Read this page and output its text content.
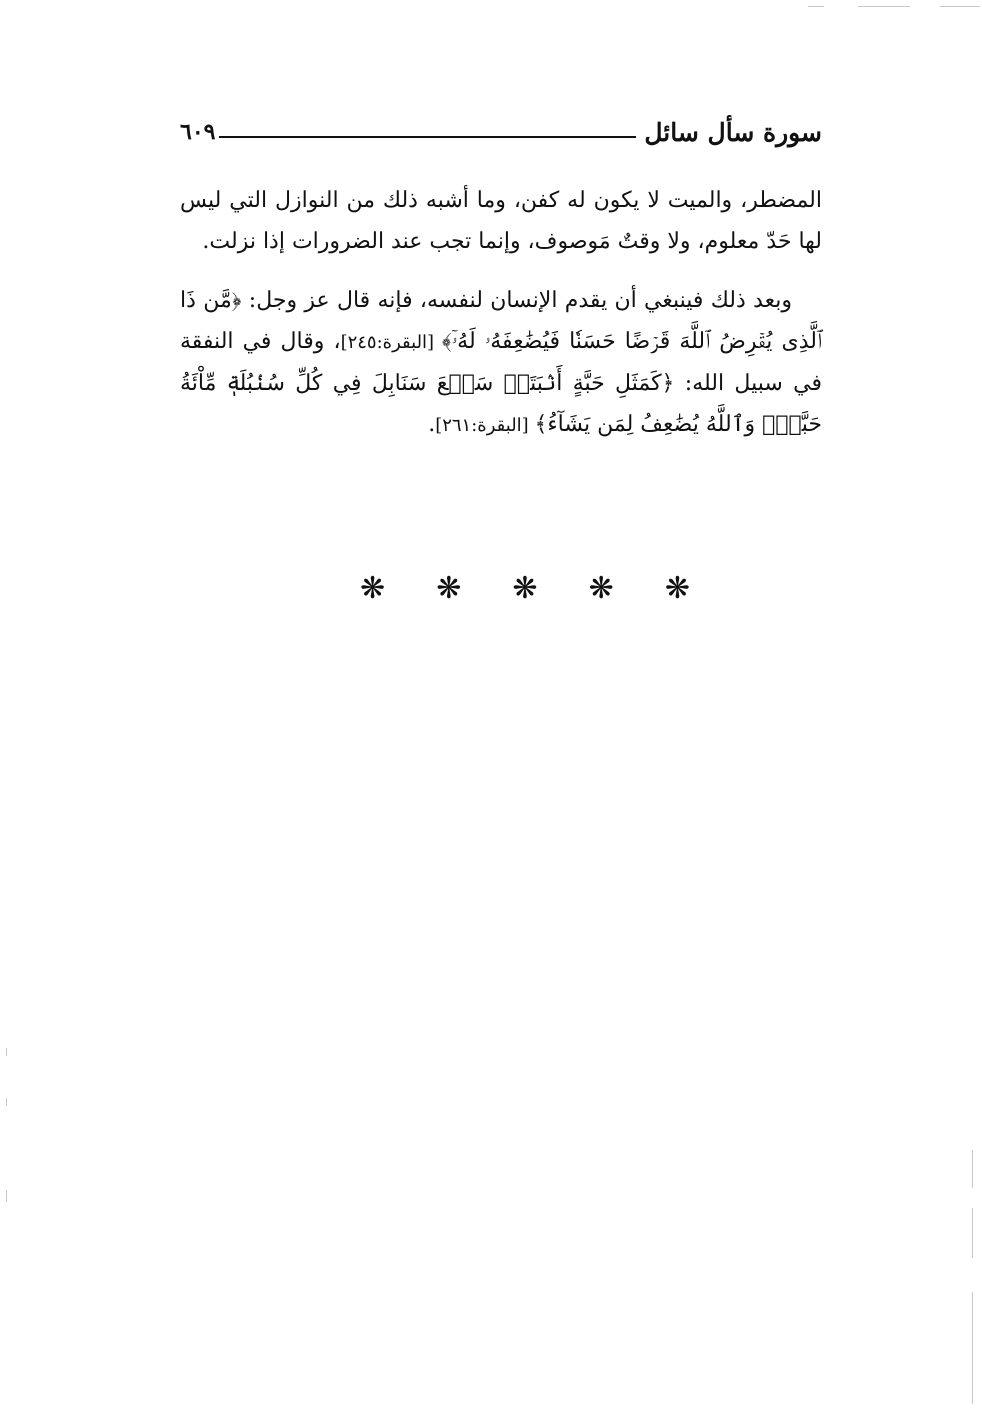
سورة سأل سائل
٦٠٩

المضطر، والميت لا يكون له كفن، وما أشبه ذلك من النوازل التي ليس لها حَدّ معلوم، ولا وقتٌ مَوصوف، وإنما تجب عند الضرورات إذا نزلت.

وبعد ذلك فينبغي أن يقدم الإنسان لنفسه، فإنه قال عز وجل: ﴿مَّن ذَا ٱلَّذِى يُقۡرِضُ ٱللَّهَ قَرۡضًا حَسَنٗا فَيُضَٰعِفَهُۥ لَهُۥٓ﴾ [البقرة:٢٤٥]، وقال في النفقة في سبيل الله: ﴿كَمَثَلِ حَبَّةٍ أَنۢبَتَتۡ سَبۡعَ سَنَابِلَ فِي كُلِّ سُنۢبُلَةٖ مِّاْئَةُ حَبَّةٖۗ وَٱللَّهُ يُضَٰعِفُ لِمَن يَشَآءُ﴾ [البقرة:٢٦١].

❋ ❋ ❋ ❋ ❋
